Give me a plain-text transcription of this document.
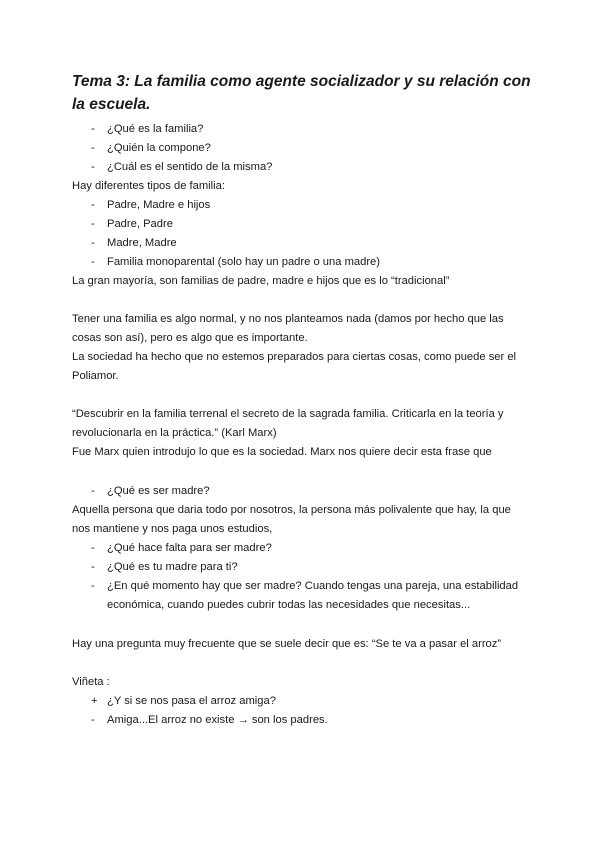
Tema 3: La familia como agente socializador y su relación con la escuela.
- ¿Qué es la familia?
- ¿Quién la compone?
- ¿Cuál es el sentido de la misma?
Hay diferentes tipos de familia:
- Padre, Madre e hijos
- Padre, Padre
- Madre, Madre
- Familia monoparental (solo hay un padre o una madre)
La gran mayoría, son familias de padre, madre e hijos que es lo “tradicional”
Tener una familia es algo normal, y no nos planteamos nada (damos por hecho que las
cosas son así), pero es algo que es importante.
La sociedad ha hecho que no estemos preparados para ciertas cosas, como puede ser el
Poliamor.
“Descubrir en la familia terrenal el secreto de la sagrada familia. Criticarla en la teoría y
revolucionarla en la práctica.” (Karl Marx)
Fue Marx quien introdujo lo que es la sociedad. Marx nos quiere decir esta frase que
- ¿Qué es ser madre?
Aquella persona que daria todo por nosotros, la persona más polivalente que hay, la que
nos mantiene y nos paga unos estudios,
- ¿Qué hace falta para ser madre?
- ¿Qué es tu madre para ti?
- ¿En qué momento hay que ser madre? Cuando tengas una pareja, una estabilidad
económica, cuando puedes cubrir todas las necesidades que necesitas...
Hay una pregunta muy frecuente que se suele decir que es: “Se te va a pasar el arroz”
Viñeta :
+ ¿Y si se nos pasa el arroz amiga?
- Amiga...El arroz no existe → son los padres.
